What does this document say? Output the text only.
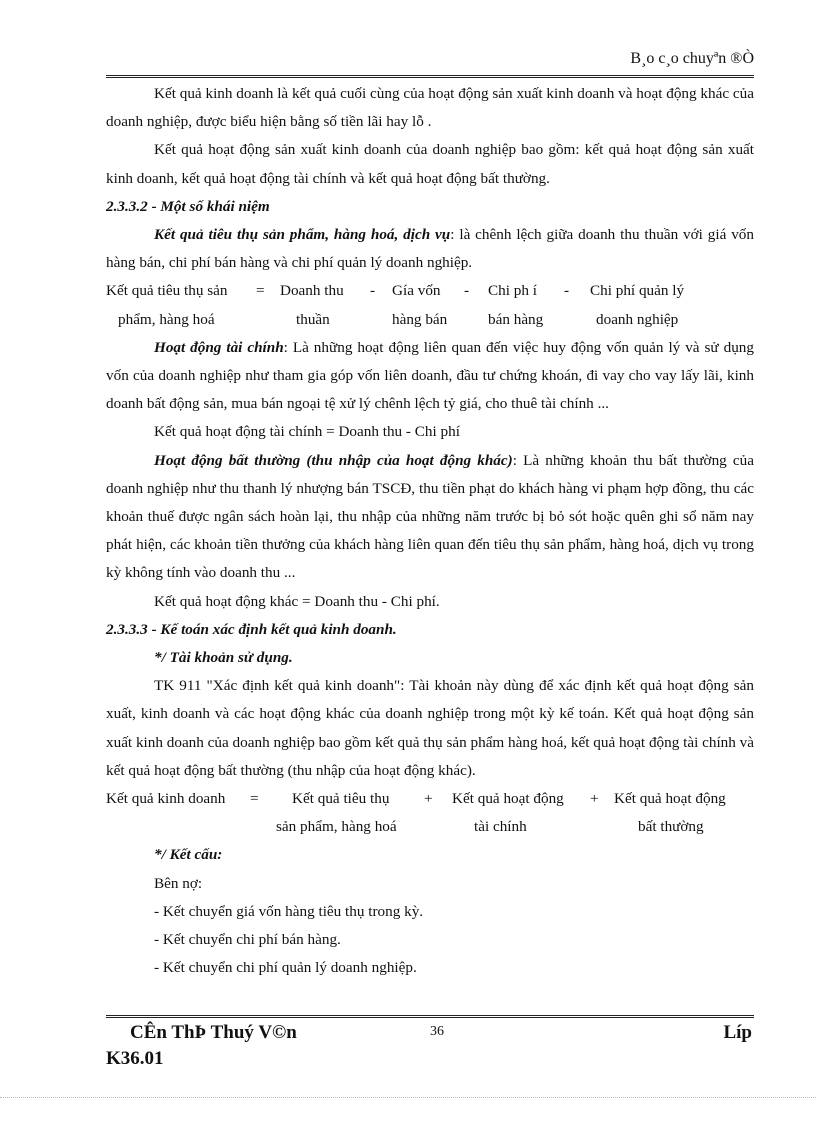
B¸o c¸o chuyªn ®Ò

Kết quả kinh doanh là kết quả cuối cùng của hoạt động sản xuất kinh doanh và hoạt động khác của doanh nghiệp, được biểu hiện bằng số tiền lãi hay lỗ .

Kết quả hoạt động sản xuất kinh doanh của doanh nghiệp bao gồm: kết quả hoạt động sản xuất kinh doanh, kết quả hoạt động tài chính và kết quả hoạt động bất thường.

2.3.3.2 - Một số khái niệm

Kết quả tiêu thụ sản phẩm, hàng hoá, dịch vụ: là chênh lệch giữa doanh thu thuần với giá vốn hàng bán, chi phí bán hàng và chi phí quản lý doanh nghiệp.

Kết quả tiêu thụ sản = Doanh thu - Gía vốn - Chi ph í - Chi phí quản lý
phẩm, hàng hoá	thuần	hàng bán	bán hàng	doanh nghiệp

Hoạt động tài chính: Là những hoạt động liên quan đến việc huy động vốn quản lý và sử dụng vốn của doanh nghiệp như tham gia góp vốn liên doanh, đầu tư chứng khoán, đi vay cho vay lấy lãi, kinh doanh bất động sản, mua bán ngoại tệ xử lý chênh lệch tỷ giá, cho thuê tài chính ...

Kết quả hoạt động tài chính = Doanh thu - Chi phí

Hoạt động bất thường (thu nhập của hoạt động khác): Là những khoản thu bất thường của doanh nghiệp như thu thanh lý nhượng bán TSCĐ, thu tiền phạt do khách hàng vi phạm hợp đồng, thu các khoản thuế được ngân sách hoàn lại, thu nhập của những năm trước bị bỏ sót hoặc quên ghi sổ năm nay phát hiện, các khoản tiền thưởng của khách hàng liên quan đến tiêu thụ sản phẩm, hàng hoá, dịch vụ trong kỳ không tính vào doanh thu ...

Kết quả hoạt động khác = Doanh thu - Chi phí.

2.3.3.3 - Kế toán xác định kết quả kinh doanh.

*/ Tài khoản sử dụng.

TK 911 "Xác định kết quả kinh doanh": Tài khoản này dùng để xác định kết quả hoạt động sản xuất, kinh doanh và các hoạt động khác của doanh nghiệp trong một kỳ kế toán. Kết quả hoạt động sản xuất kinh doanh của doanh nghiệp bao gồm kết quả thụ sản phẩm hàng hoá, kết quả hoạt động tài chính và kết quả hoạt động bất thường (thu nhập của hoạt động khác).

Kết quả kinh doanh = Kết quả tiêu thụ + Kết quả hoạt động + Kết quả hoạt động
sản phẩm, hàng hoá	tài chính	bất thường

*/ Kết cấu:

Bên nợ:

- Kết chuyển giá vốn hàng tiêu thụ trong kỳ.

- Kết chuyển chi phí bán hàng.

- Kết chuyển chi phí quản lý doanh nghiệp.

CÊn ThÞ Thuý V©n	36	Líp
K36.01
